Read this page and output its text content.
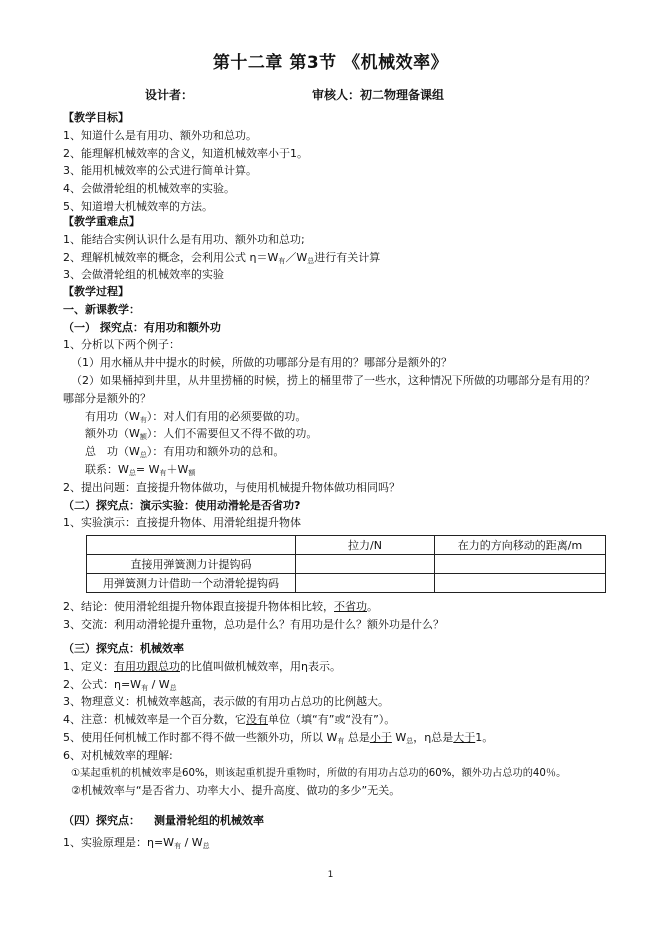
第十二章 第3节 《机械效率》
设计者：	审核人：初二物理备课组
【教学目标】
1、知道什么是有用功、额外功和总功。
2、能理解机械效率的含义，知道机械效率小于1。
3、能用机械效率的公式进行简单计算。
4、会做滑轮组的机械效率的实验。
5、知道增大机械效率的方法。
【教学重难点】
1、能结合实例认识什么是有用功、额外功和总功;
2、理解机械效率的概念，会利用公式 $\eta=W_有/W_总$进行有关计算
3、会做滑轮组的机械效率的实验
【教学过程】
一、新课教学：
（一） 探究点：有用功和额外功
1、分析以下两个例子：
（1）用水桶从井中提水的时候，所做的功哪部分是有用的？哪部分是额外的？
（2）如果桶掉到井里，从井里捞桶的时候，捞上的桶里带了一些水，这种情况下所做的功哪部分是有用的？
哪部分是额外的？
有用功$(W_有)$：对人们有用的必须要做的功。
额外功$(W_额)$：人们不需要但又不得不做的功。
总　功$(W_总)$：有用功和额外功的总和。
联系：$W_总= W_有+W_额$
2、提出问题：直接提升物体做功，与使用机械提升物体做功相同吗？
（二）探究点：演示实验：使用动滑轮是否省功?
1、实验演示：直接提升物体、用滑轮组提升物体
	拉力/N	在力的方向移动的距离/m
直接用弹簧测力计提钩码		
用弹簧测力计借助一个动滑轮提钩码		
2、结论：使用滑轮组提升物体跟直接提升物体相比较，不省功。
3、交流：利用动滑轮提升重物，总功是什么？有用功是什么？额外功是什么？
（三）探究点：机械效率
1、定义：有用功跟总功的比值叫做机械效率，用η表示。
2、公式：$\eta=W_有 / W_总$
3、物理意义：机械效率越高，表示做的有用功占总功的比例越大。
4、注意：机械效率是一个百分数，它没有单位（填“有”或“没有”）。
5、使用任何机械工作时都不得不做一些额外功，所以 $W_有$ 总是小于 $W_总$，η总是大于1。
6、对机械效率的理解:
①某起重机的机械效率是60%，则该起重机提升重物时，所做的有用功占总功的60%，额外功占总功的40％。
②机械效率与“是否省力、功率大小、提升高度、做功的多少”无关。
（四）探究点： 测量滑轮组的机械效率
1、实验原理是：$\eta=W_有 / W_总$
1
